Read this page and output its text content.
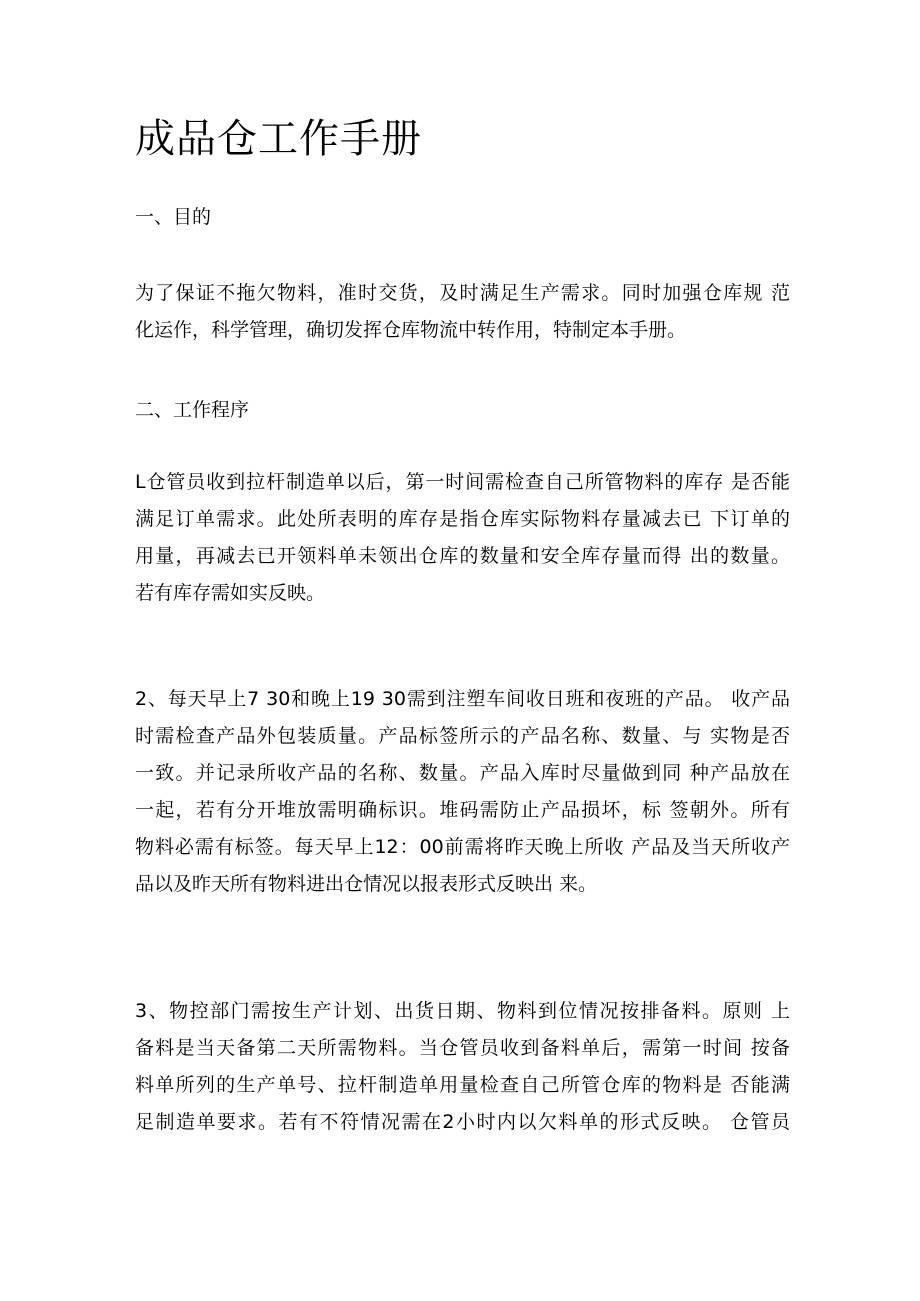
成品仓工作手册
一、目的
为了保证不拖欠物料，准时交货，及时满足生产需求。同时加强仓库规 范
化运作，科学管理，确切发挥仓库物流中转作用，特制定本手册。
二、工作程序
L仓管员收到拉杆制造单以后，第一时间需检查自己所管物料的库存 是否能
满足订单需求。此处所表明的库存是指仓库实际物料存量减去已 下订单的
用量，再减去已开领料单未领出仓库的数量和安全库存量而得 出的数量。
若有库存需如实反映。
2、每天早上7 30和晚上19 30需到注塑车间收日班和夜班的产品。 收产品
时需检查产品外包装质量。产品标签所示的产品名称、数量、与 实物是否
一致。并记录所收产品的名称、数量。产品入库时尽量做到同 种产品放在
一起，若有分开堆放需明确标识。堆码需防止产品损坏，标 签朝外。所有
物料必需有标签。每天早上12：00前需将昨天晚上所收 产品及当天所收产
品以及昨天所有物料进出仓情况以报表形式反映出 来。
3、物控部门需按生产计划、出货日期、物料到位情况按排备料。原则 上
备料是当天备第二天所需物料。当仓管员收到备料单后，需第一时间 按备
料单所列的生产单号、拉杆制造单用量检查自己所管仓库的物料是 否能满
足制造单要求。若有不符情况需在2小时内以欠料单的形式反映。 仓管员
